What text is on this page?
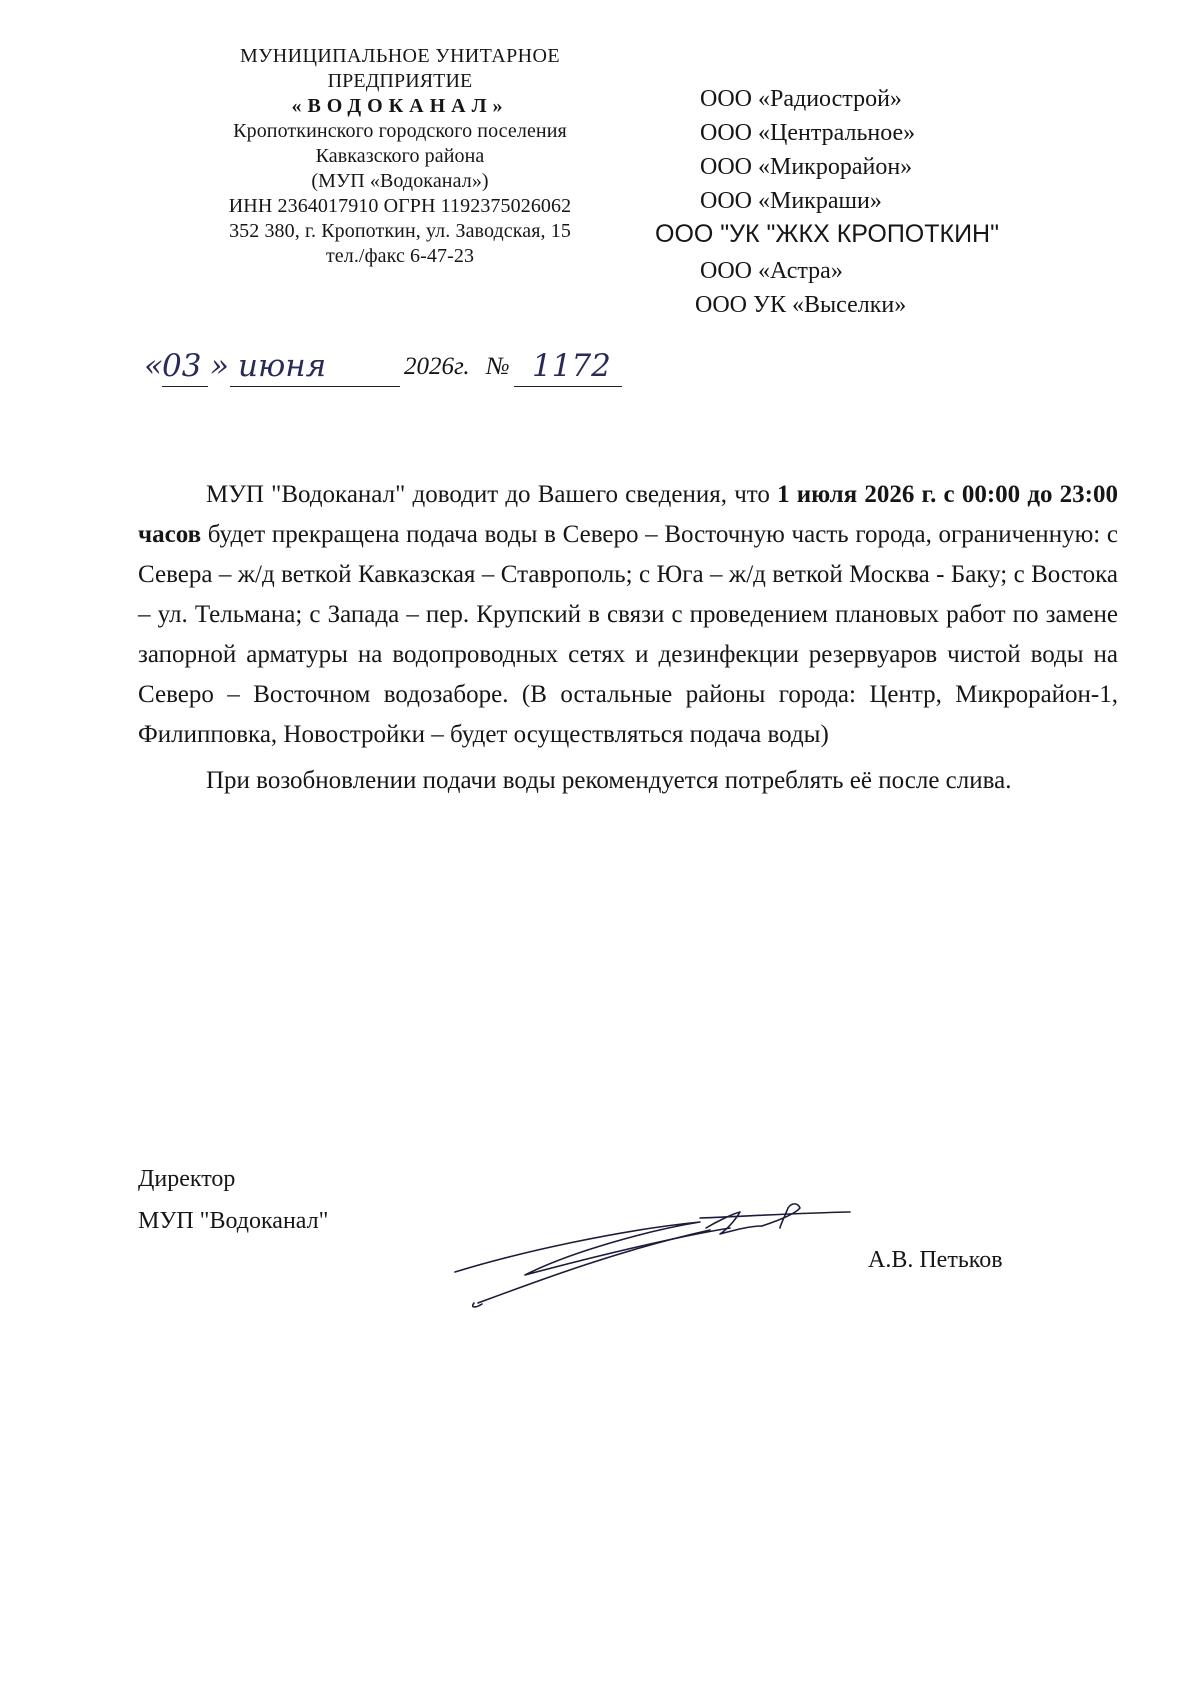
МУНИЦИПАЛЬНОЕ УНИТАРНОЕ
ПРЕДПРИЯТИЕ
«ВОДОКАНАЛ»
Кропоткинского городского поселения
Кавказского района
(МУП «Водоканал»)
ИНН 2364017910 ОГРН 1192375026062
352 380, г. Кропоткин, ул. Заводская, 15
тел./факс 6-47-23
ООО «Радиострой»
ООО «Центральное»
ООО «Микрорайон»
ООО «Микраши»
ООО "УК "ЖКХ КРОПОТКИН"
ООО «Астра»
ООО УК «Выселки»
« 03 » июня	2026г. № 1172

МУП "Водоканал" доводит до Вашего сведения, что 1 июля 2026 г. с 00:00 до 23:00 часов будет прекращена подача воды в Северо – Восточную часть города, ограниченную: с Севера – ж/д веткой Кавказская – Ставрополь; с Юга – ж/д веткой Москва - Баку; с Востока – ул. Тельмана; с Запада – пер. Крупский в связи с проведением плановых работ по замене запорной арматуры на водопроводных сетях и дезинфекции резервуаров чистой воды на Северо – Восточном водозаборе. (В остальные районы города: Центр, Микрорайон-1, Филипповка, Новостройки – будет осуществляться подача воды)

При возобновлении подачи воды рекомендуется потреблять её после слива.

Директор
МУП "Водоканал"
А.В. Петьков
